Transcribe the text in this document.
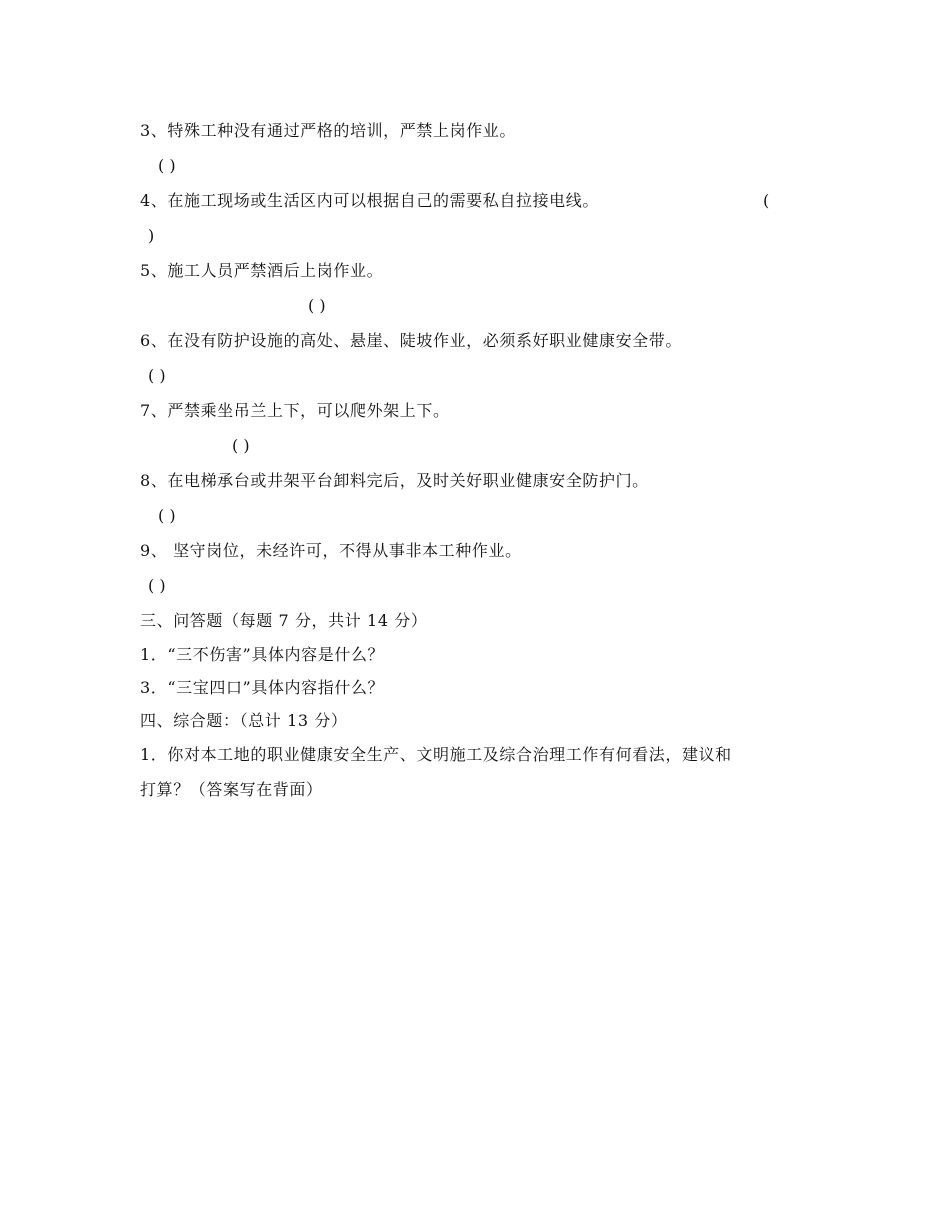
3、特殊工种没有通过严格的培训，严禁上岗作业。
( )
4、在施工现场或生活区内可以根据自己的需要私自拉接电线。	(
)
5、施工人员严禁酒后上岗作业。
( )
6、在没有防护设施的高处、悬崖、陡坡作业，必须系好职业健康安全带。
( )
7、严禁乘坐吊兰上下，可以爬外架上下。
( )
8、在电梯承台或井架平台卸料完后，及时关好职业健康安全防护门。
( )
9、 坚守岗位，未经许可，不得从事非本工种作业。
( )
三、问答题（每题 7 分，共计 14 分）
1．“三不伤害”具体内容是什么？
3．“三宝四口”具体内容指什么？
四、综合题：（总计 13 分）
1．你对本工地的职业健康安全生产、文明施工及综合治理工作有何看法，建议和
打算？（答案写在背面）
